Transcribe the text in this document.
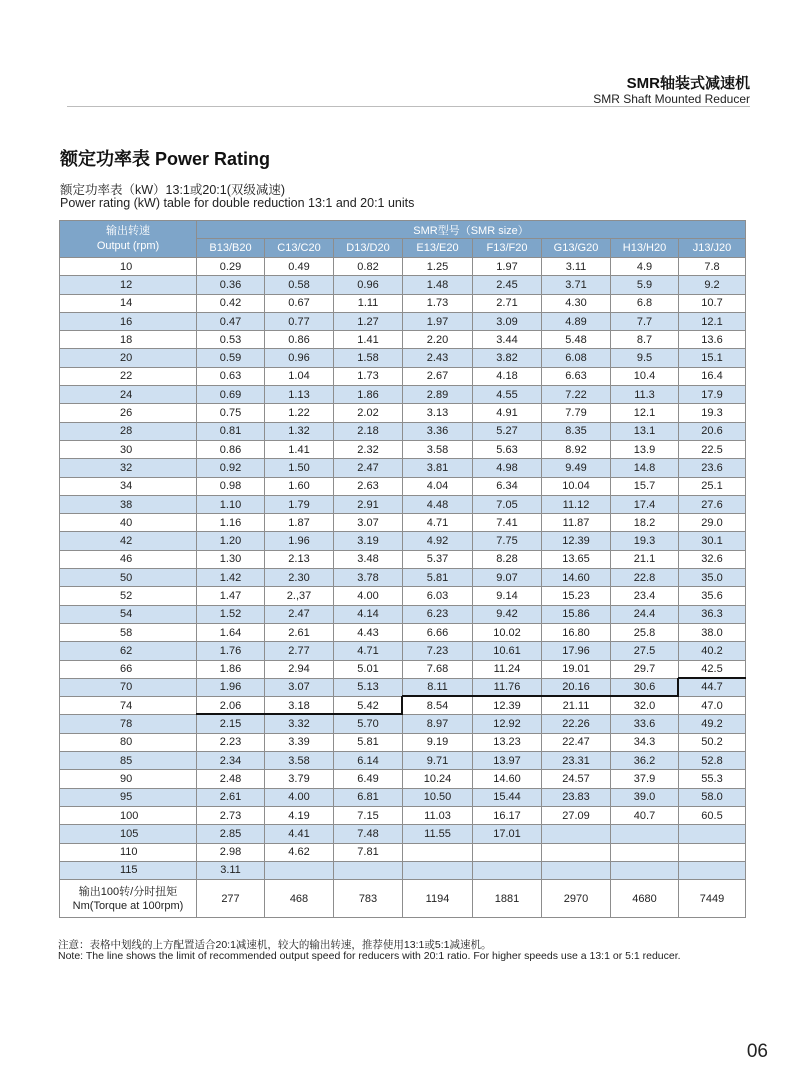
SMR轴装式减速机
SMR Shaft Mounted Reducer
额定功率表 Power Rating
额定功率表（kW）13:1或20:1(双级减速)
Power rating (kW) table for double reduction 13:1 and 20:1 units
输出转速
Output (rpm)	SMR型号（SMR size）							
	B13/B20	C13/C20	D13/D20	E13/E20	F13/F20	G13/G20	H13/H20	J13/J20
10	0.29	0.49	0.82	1.25	1.97	3.11	4.9	7.8
12	0.36	0.58	0.96	1.48	2.45	3.71	5.9	9.2
14	0.42	0.67	1.11	1.73	2.71	4.30	6.8	10.7
16	0.47	0.77	1.27	1.97	3.09	4.89	7.7	12.1
18	0.53	0.86	1.41	2.20	3.44	5.48	8.7	13.6
20	0.59	0.96	1.58	2.43	3.82	6.08	9.5	15.1
22	0.63	1.04	1.73	2.67	4.18	6.63	10.4	16.4
24	0.69	1.13	1.86	2.89	4.55	7.22	11.3	17.9
26	0.75	1.22	2.02	3.13	4.91	7.79	12.1	19.3
28	0.81	1.32	2.18	3.36	5.27	8.35	13.1	20.6
30	0.86	1.41	2.32	3.58	5.63	8.92	13.9	22.5
32	0.92	1.50	2.47	3.81	4.98	9.49	14.8	23.6
34	0.98	1.60	2.63	4.04	6.34	10.04	15.7	25.1
38	1.10	1.79	2.91	4.48	7.05	11.12	17.4	27.6
40	1.16	1.87	3.07	4.71	7.41	11.87	18.2	29.0
42	1.20	1.96	3.19	4.92	7.75	12.39	19.3	30.1
46	1.30	2.13	3.48	5.37	8.28	13.65	21.1	32.6
50	1.42	2.30	3.78	5.81	9.07	14.60	22.8	35.0
52	1.47	2.,37	4.00	6.03	9.14	15.23	23.4	35.6
54	1.52	2.47	4.14	6.23	9.42	15.86	24.4	36.3
58	1.64	2.61	4.43	6.66	10.02	16.80	25.8	38.0
62	1.76	2.77	4.71	7.23	10.61	17.96	27.5	40.2
66	1.86	2.94	5.01	7.68	11.24	19.01	29.7	42.5
70	1.96	3.07	5.13	8.11	11.76	20.16	30.6	44.7
74	2.06	3.18	5.42	8.54	12.39	21.11	32.0	47.0
78	2.15	3.32	5.70	8.97	12.92	22.26	33.6	49.2
80	2.23	3.39	5.81	9.19	13.23	22.47	34.3	50.2
85	2.34	3.58	6.14	9.71	13.97	23.31	36.2	52.8
90	2.48	3.79	6.49	10.24	14.60	24.57	37.9	55.3
95	2.61	4.00	6.81	10.50	15.44	23.83	39.0	58.0
100	2.73	4.19	7.15	11.03	16.17	27.09	40.7	60.5
105	2.85	4.41	7.48	11.55	17.01			
110	2.98	4.62	7.81					
115	3.11							
输出100转/分时扭矩
Nm(Torque at 100rpm)	277	468	783	1194	1881	2970	4680	7449
注意：表格中划线的上方配置适合20:1减速机，较大的输出转速，推荐使用13:1或5:1减速机。
Note: The line shows the limit of recommended output speed for reducers with 20:1 ratio. For higher speeds use a 13:1 or 5:1 reducer.
06
